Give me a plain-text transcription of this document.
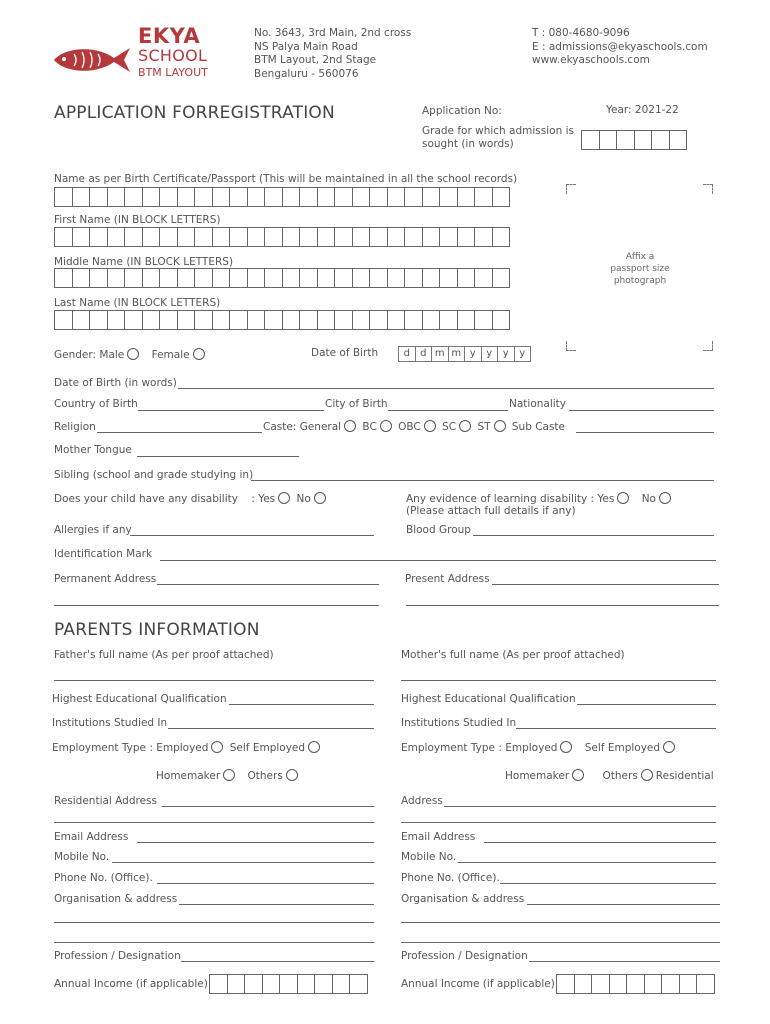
EKYA
SCHOOL
BTM LAYOUT
No. 3643, 3rd Main, 2nd cross
NS Palya Main Road
BTM Layout, 2nd Stage
Bengaluru - 560076
T : 080-4680-9096
E : admissions@ekyaschools.com
www.ekyaschools.com
APPLICATION FORREGISTRATION	Application No:	Year: 2021-22
Grade for which admission is
sought (in words)
Name as per Birth Certificate/Passport (This will be maintained in all the school records)
First Name (IN BLOCK LETTERS)
Middle Name (IN BLOCK LETTERS)
Last Name (IN BLOCK LETTERS)
Affix a
passport size
photograph
Gender: Male	Female	Date of Birth	d	d m m y	y	y	y
Date of Birth (in words)
Country of Birth	City of Birth	Nationality
Religion	Caste: General BC OBC SC ST Sub Caste
Mother Tongue
Sibling (school and grade studying in)
Does your child have any disability : Yes No	Any evidence of learning disability : Yes	No
(Please attach full details if any)
Allergies if any	Blood Group
Identification Mark
Permanent Address	Present Address
PARENTS INFORMATION
Father's full name (As per proof attached)	Mother's full name (As per proof attached)
Highest Educational Qualification	Highest Educational Qualification
Institutions Studied In	Institutions Studied In
Employment Type : Employed Self Employed	Employment Type : Employed	Self Employed
Homemaker	Others	Homemaker	Others Residential
Residential Address	Address
Email Address	Email Address
Mobile No.	Mobile No.
Phone No. (Office).	Phone No. (Office).
Organisation & address	Organisation & address
Profession / Designation	Profession / Designation
Annual Income (if applicable)	Annual Income (if applicable)
